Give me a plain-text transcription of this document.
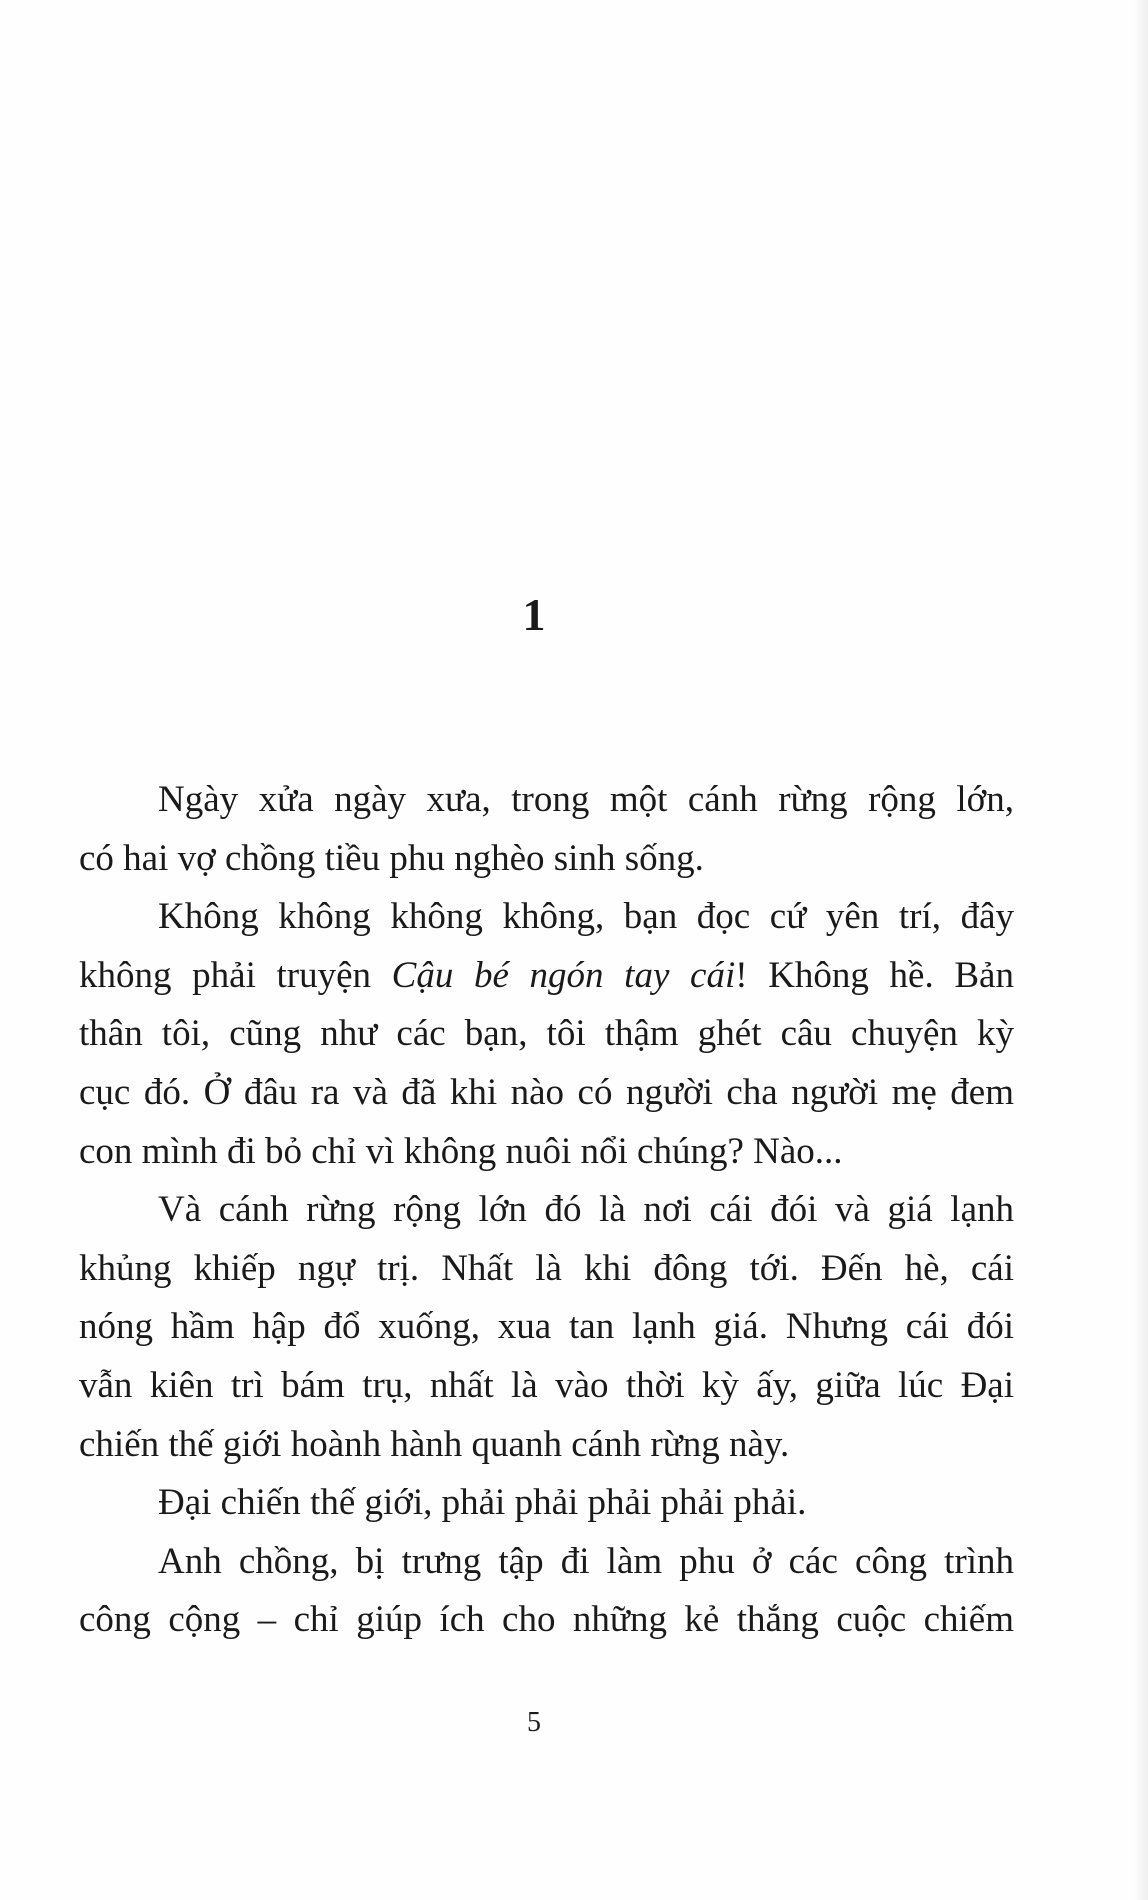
1
Ngày xửa ngày xưa, trong một cánh rừng rộng lớn,
có hai vợ chồng tiều phu nghèo sinh sống.
Không không không không, bạn đọc cứ yên trí, đây
không phải truyện Cậu bé ngón tay cái! Không hề. Bản
thân tôi, cũng như các bạn, tôi thậm ghét câu chuyện kỳ
cục đó. Ở đâu ra và đã khi nào có người cha người mẹ đem
con mình đi bỏ chỉ vì không nuôi nổi chúng? Nào...
Và cánh rừng rộng lớn đó là nơi cái đói và giá lạnh
khủng khiếp ngự trị. Nhất là khi đông tới. Đến hè, cái
nóng hầm hập đổ xuống, xua tan lạnh giá. Nhưng cái đói
vẫn kiên trì bám trụ, nhất là vào thời kỳ ấy, giữa lúc Đại
chiến thế giới hoành hành quanh cánh rừng này.
Đại chiến thế giới, phải phải phải phải phải.
Anh chồng, bị trưng tập đi làm phu ở các công trình
công cộng – chỉ giúp ích cho những kẻ thắng cuộc chiếm
5
